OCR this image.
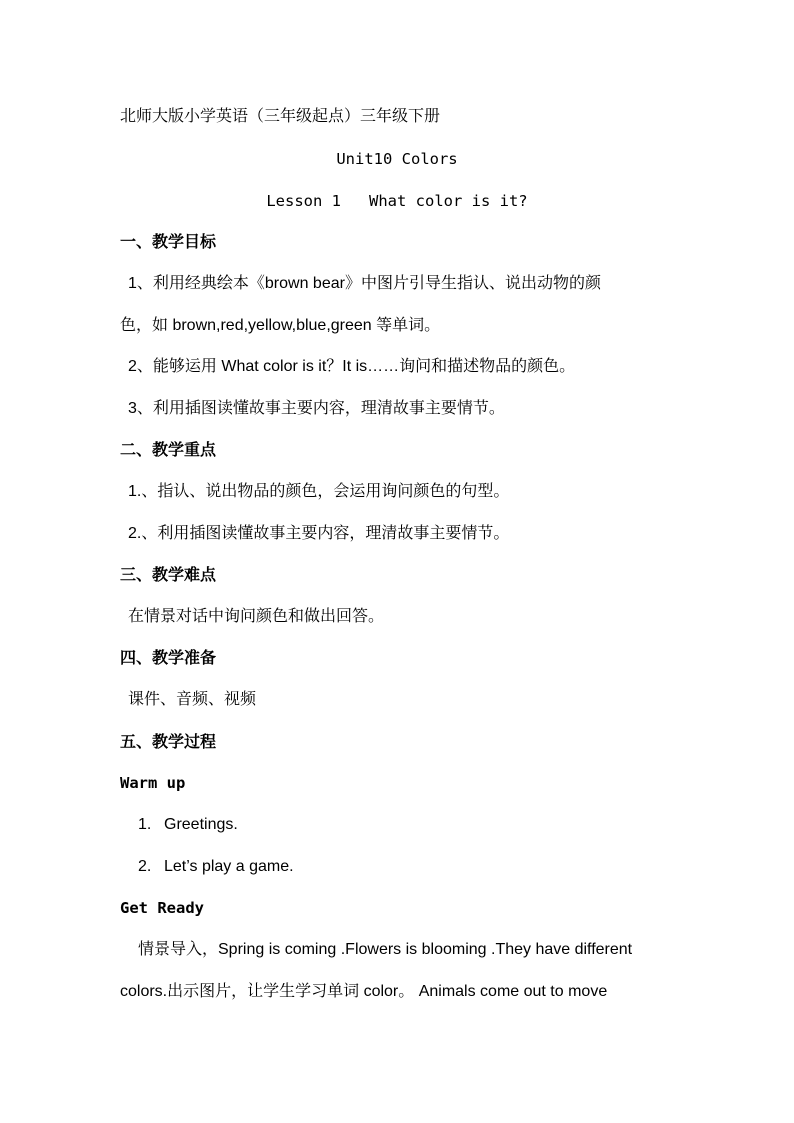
北师大版小学英语（三年级起点）三年级下册
Unit10 Colors
Lesson 1   What color is it?
一、教学目标
1、利用经典绘本《brown bear》中图片引导生指认、说出动物的颜
色，如 brown,red,yellow,blue,green 等单词。
2、能够运用 What color is it？It is……询问和描述物品的颜色。
3、利用插图读懂故事主要内容，理清故事主要情节。
二、教学重点
1.、指认、说出物品的颜色，会运用询问颜色的句型。
2.、利用插图读懂故事主要内容，理清故事主要情节。
三、教学难点
在情景对话中询问颜色和做出回答。
四、教学准备
课件、音频、视频
五、教学过程
Warm up
1. Greetings.
2. Let’s play a game.
Get Ready
情景导入，Spring is coming .Flowers is blooming .They have different
colors.出示图片，让学生学习单词 color。 Animals come out to move
